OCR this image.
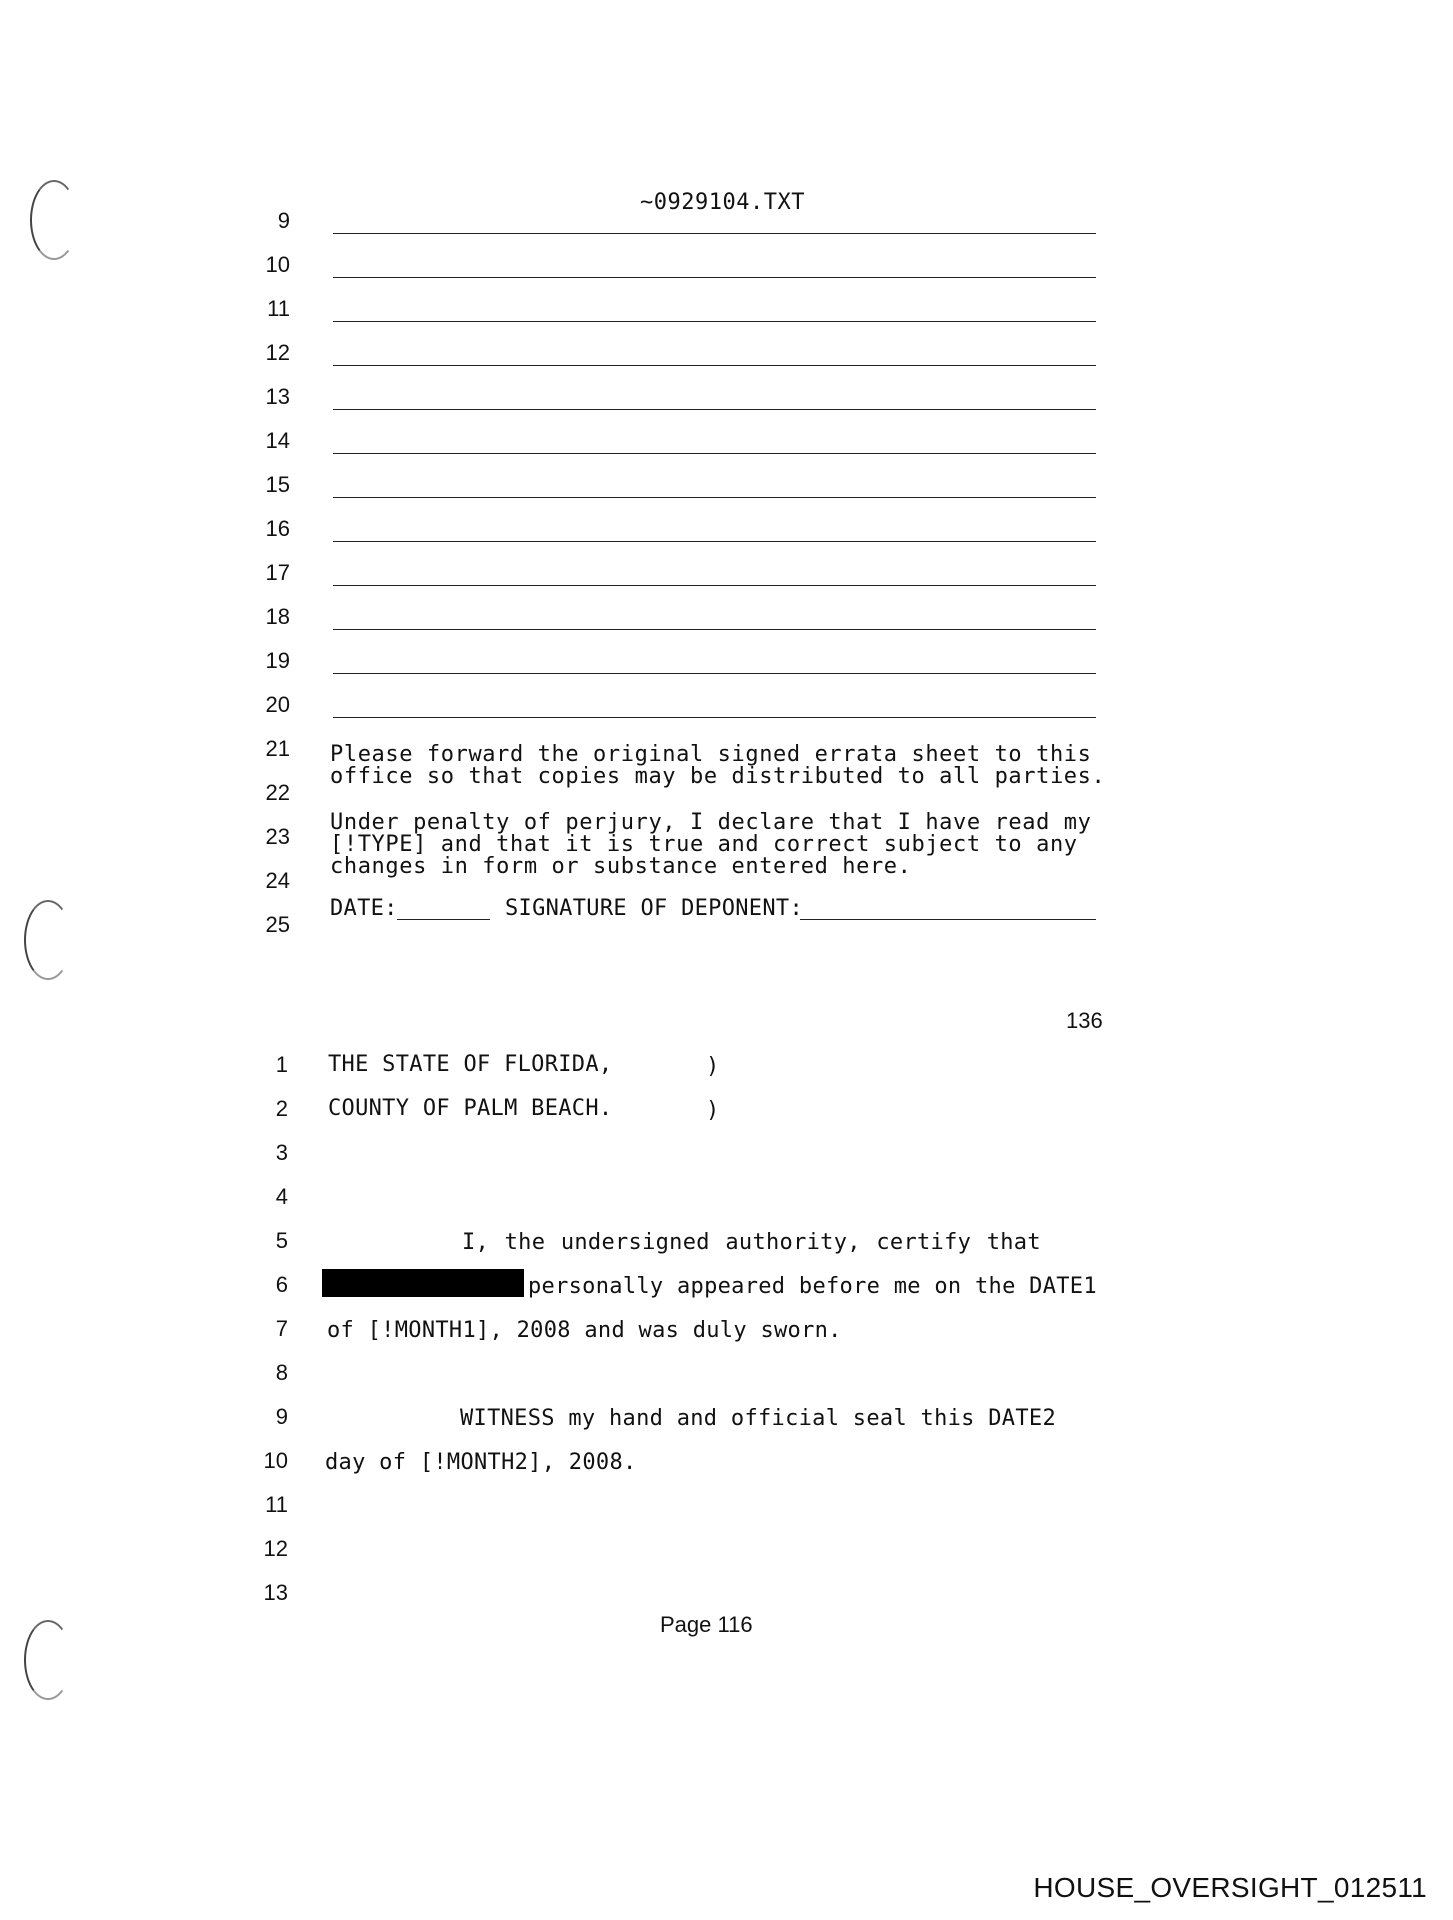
~0929104.TXT
9
10
11
12
13
14
15
16
17
18
19
20
21
22
23
24
25
Please forward the original signed errata sheet to this
office so that copies may be distributed to all parties.
Under penalty of perjury, I declare that I have read my
[!TYPE] and that it is true and correct subject to any
changes in form or substance entered here.
DATE:	SIGNATURE OF DEPONENT:
136
1
2
3
4
5
6
7
8
9
10
11
12
13
THE STATE OF FLORIDA,	)
COUNTY OF PALM BEACH.	)
I, the undersigned authority, certify that
personally appeared before me on the DATE1
of [!MONTH1], 2008 and was duly sworn.
WITNESS my hand and official seal this DATE2
day of [!MONTH2], 2008.
Page 116
HOUSE_OVERSIGHT_012511
